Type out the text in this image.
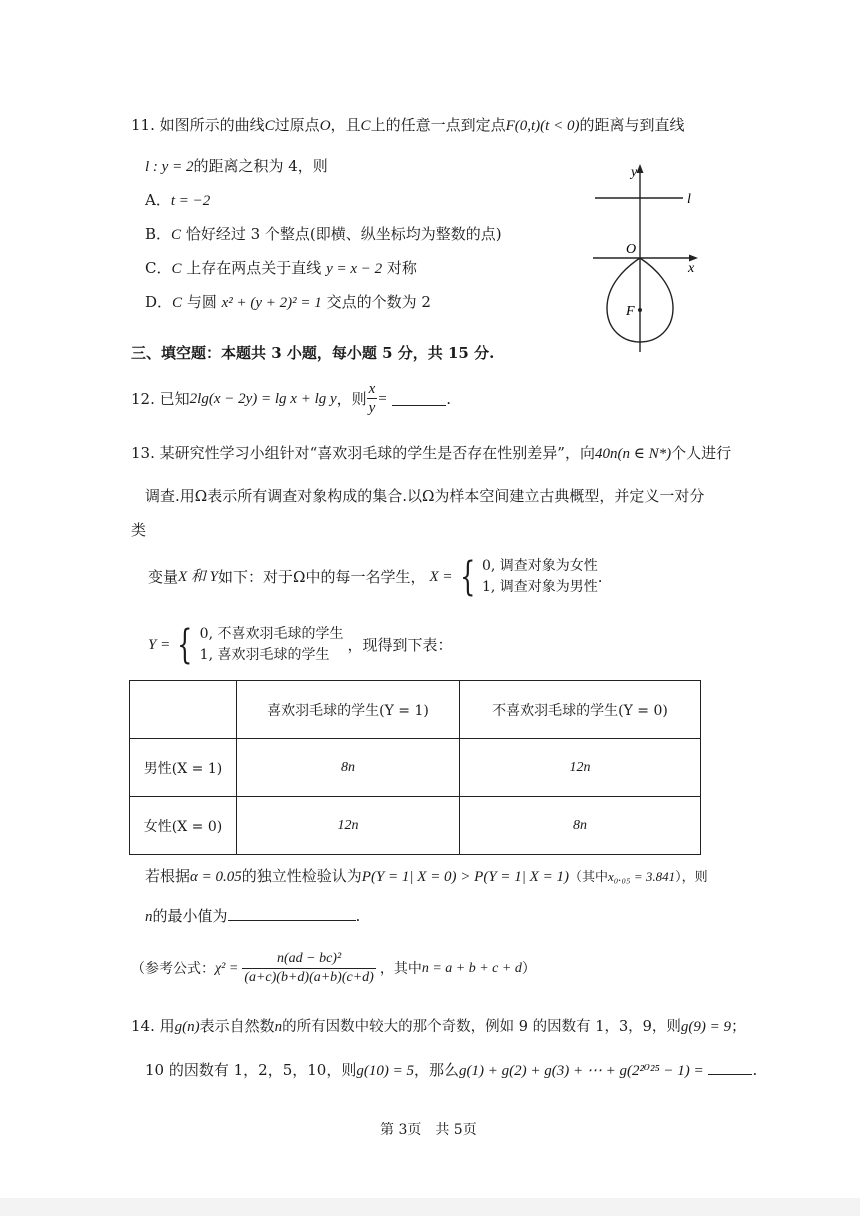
11. 如图所示的曲线C过原点O，且C上的任意一点到定点F(0,t)(t < 0)的距离与到直线
l : y = 2的距离之积为 4，则
A．t = −2
B．C 恰好经过 3 个整点(即横、纵坐标均为整数的点)
C．C 上存在两点关于直线 y = x − 2 对称
D．C 与圆 x² + (y + 2)² = 1 交点的个数为 2
y
x
l
O
F
三、填空题：本题共 3 小题，每小题 5 分，共 15 分.
12.
已知 2lg(x − 2y) = lg x + lg y ，则 $\frac{x}{y}$ =
	.
13. 某研究性学习小组针对“喜欢羽毛球的学生是否存在性别差异”，向40n(n ∈ N*)个人进行
调查.用Ω表示所有调查对象构成的集合.以Ω为样本空间建立古典概型，并定义一对分
类
变量 X 和 Y 如下：对于Ω中的每一名学生， X = { 0, 调查对象为女性
1, 调查对象为男性
.
Y = { 0, 不喜欢羽毛球的学生
1, 喜欢羽毛球的学生
，现得到下表：
	喜欢羽毛球的学生(Y = 1)	不喜欢羽毛球的学生(Y = 0)
男性(X = 1)	8n	12n
女性(X = 0)	12n	8n
若根据α = 0.05的独立性检验认为P(Y = 1| X = 0) > P(Y = 1| X = 1)（其中x₀.₀₅ = 3.841），则
n的最小值为	.
（参考公式： $\chi^2 = \frac{\text{n(ad − bc)²}}{(a+c)(b+d)(a+b)(c+d)}$ ，其中 n = a + b + c + d ）
14. 用g(n)表示自然数n的所有因数中较大的那个奇数，例如 9 的因数有 1，3，9，则g(9) = 9；
10 的因数有 1，2，5，10，则g(10) = 5，那么g(1) + g(2) + g(3) + ⋯ + g(2²⁰²⁵ − 1) =	.
第 3页　共 5页
